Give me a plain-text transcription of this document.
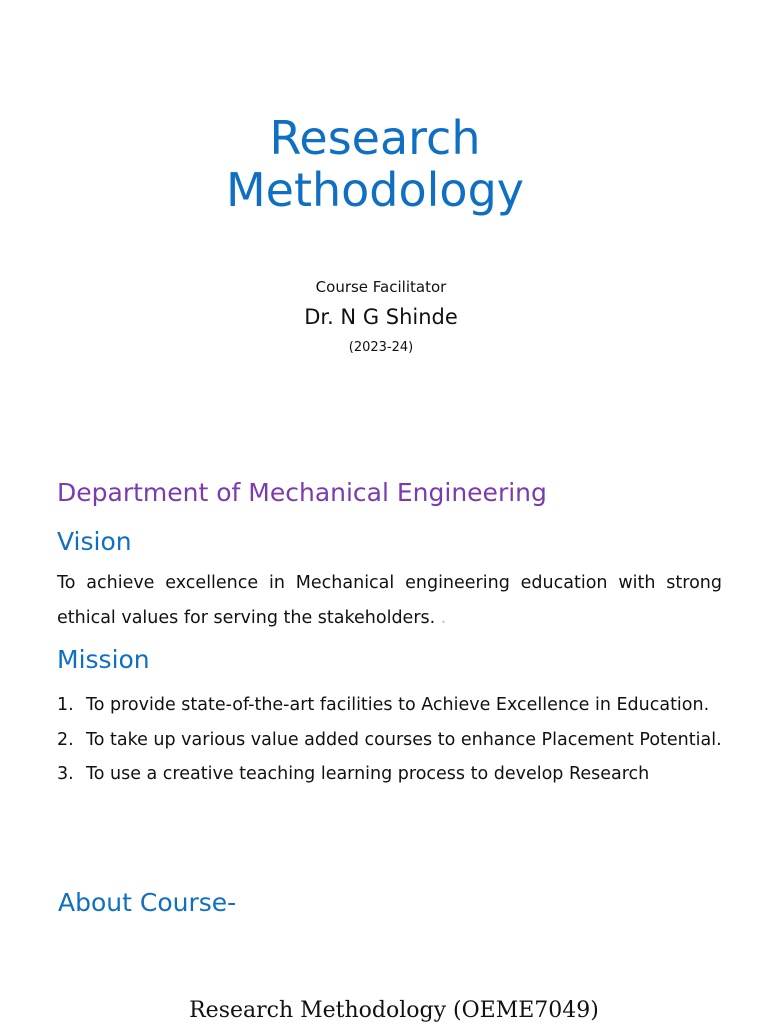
Research
Methodology
Course Facilitator
Dr. N G Shinde
(2023-24)
Department of Mechanical Engineering
Vision
To achieve excellence in Mechanical engineering education with strong ethical values for serving the stakeholders. .
Mission
1. To provide state-of-the-art facilities to Achieve Excellence in Education.
2. To take up various value added courses to enhance Placement Potential.
3. To use a creative teaching learning process to develop Research
About Course-
Research Methodology (OEME7049)
